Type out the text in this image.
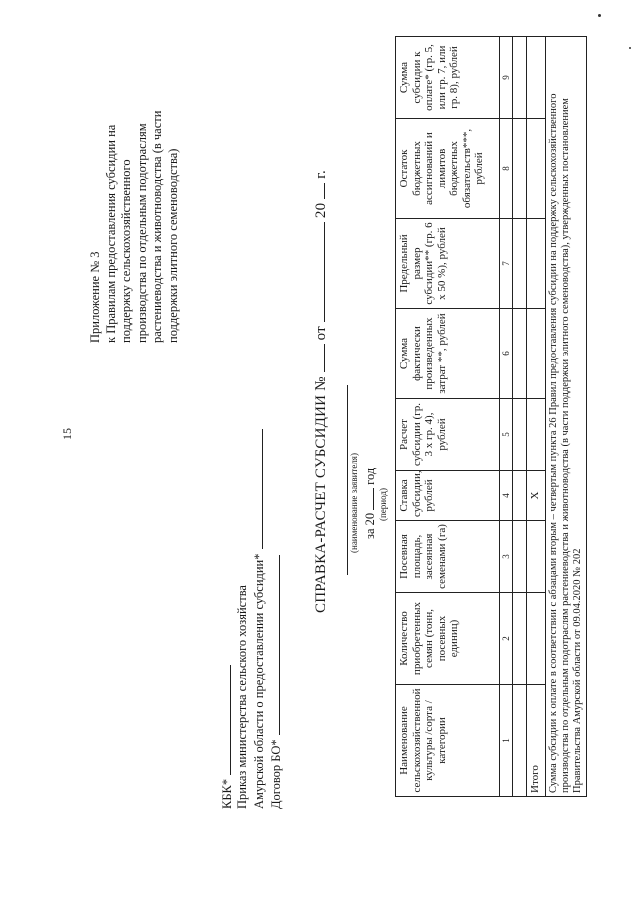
15
Приложение № 3 к Правилам предоставления субсидии на поддержку сельскохозяйственного производства по отдельным подотраслям растениеводства и животноводства (в части поддержки элитного семеноводства)
КБК* Приказ министерства сельского хозяйства Амурской области о предоставлении субсидии* Договор БО*
СПРАВКА-РАСЧЕТ СУБСИДИИ №от20г.
(наименование заявителя) за 20год
(период)
Наименование сельскохозяйственной культуры /сорта / категории	Количество приобретенных семян (тонн, посевных единиц)	Посевная площадь, засеянная семенами (га)	Ставка субсидии, рублей	Расчет субсидии (гр. 3 х гр. 4), рублей	Сумма фактически произведенных затрат **, рублей	Предельный размер субсидии** (гр. 6 х 50 %), рублей	Остаток бюджетных ассигнований и лимитов бюджетных обязательств***, рублей	Сумма субсидии к оплате* (гр. 5, или гр. 7, или гр. 8), рублей
1	2	3	4	5	6	7	8	9

Итого			Х					
Сумма субсидии к оплате в соответствии с абзацами вторым – четвертым пункта 26 Правил предоставления субсидии на поддержку сельскохозяйственного производства по отдельным подотраслям растениеводства и животноводства (в части поддержки элитного семеноводства), утвержденных постановлением Правительства Амурской области от 09.04.2020 № 202								
